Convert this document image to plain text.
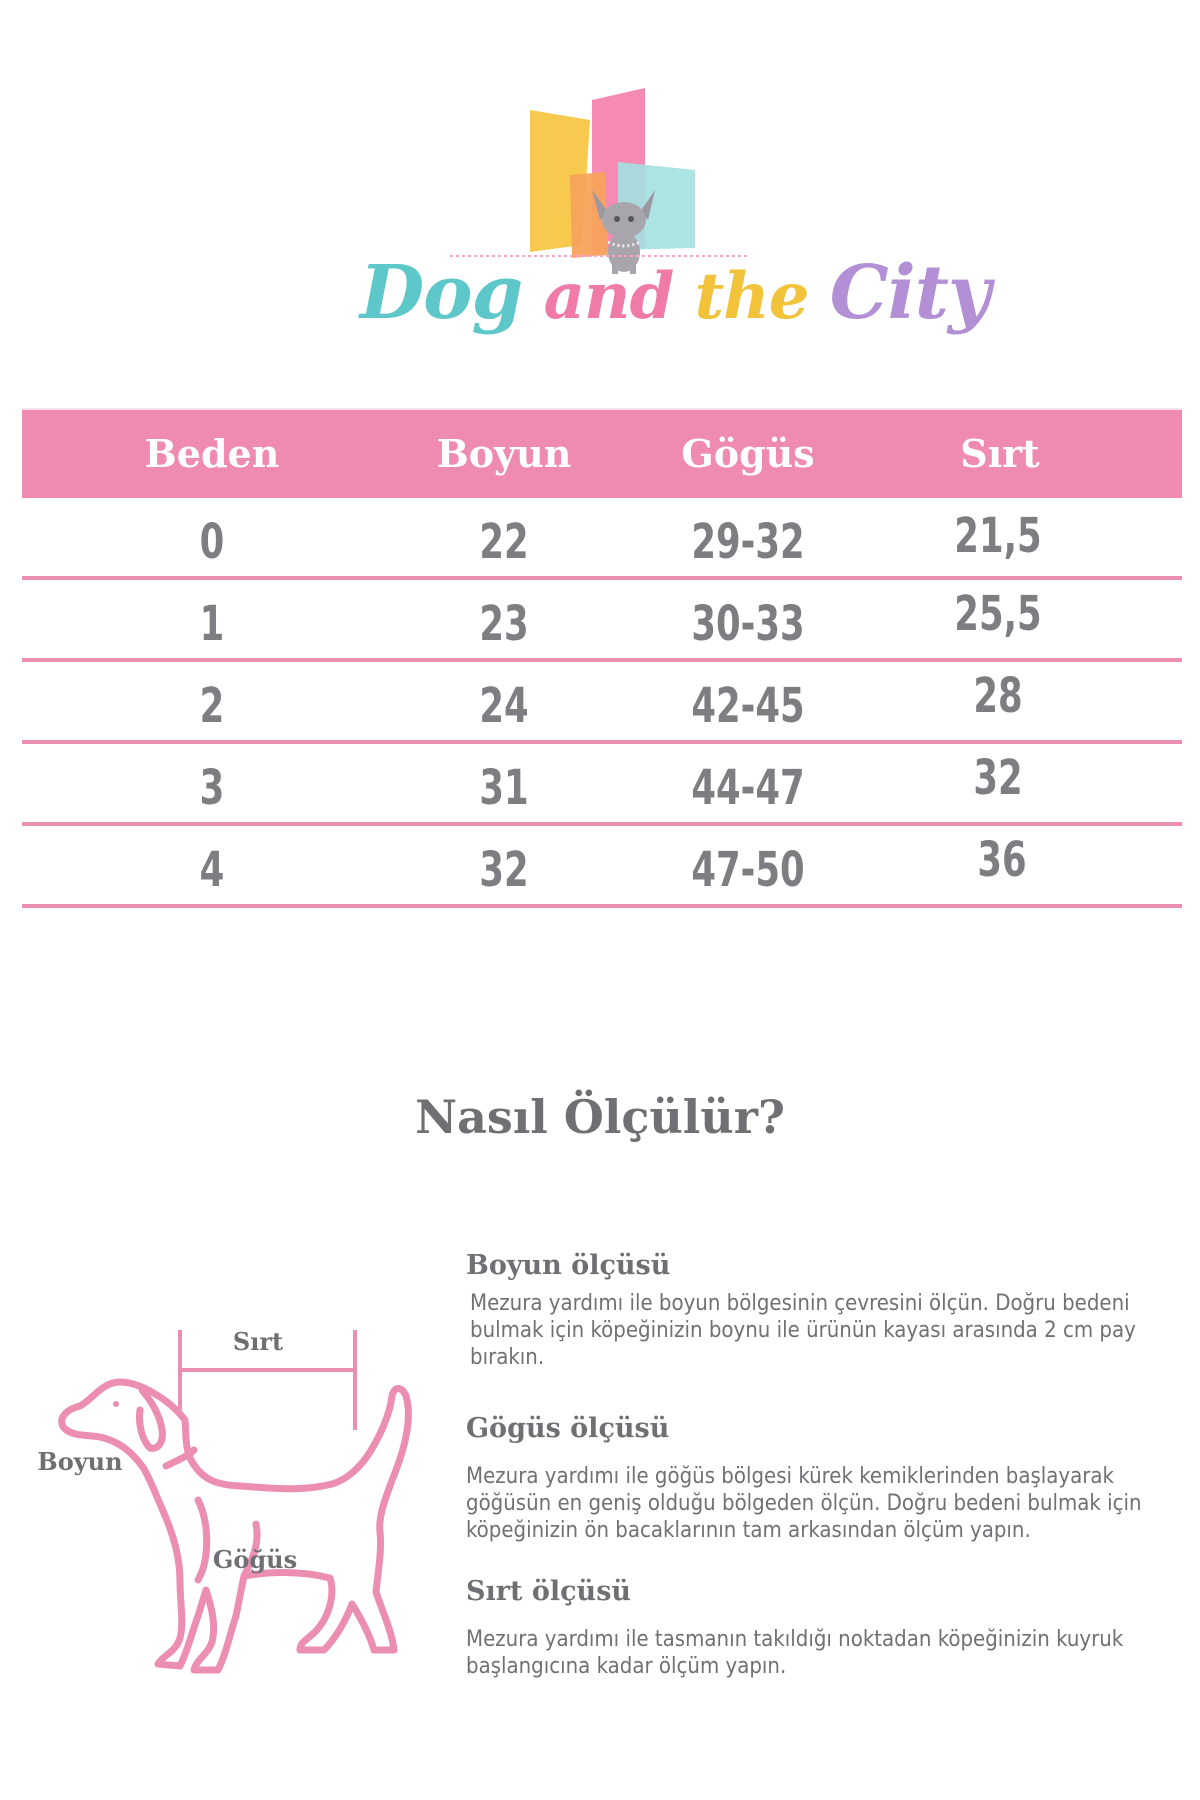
Dog and the City
Beden	Boyun	Gögüs	Sırt
0	22	29-32	21,5
1	23	30-33	25,5
2	24	42-45	28
3	31	44-47	32
4	32	47-50	36
Nasıl Ölçülür?
Sırt
Boyun
Göğüs

Boyun ölçüsü

Mezura yardımı ile boyun bölgesinin çevresini ölçün. Doğru bedeni bulmak için köpeğinizin boynu ile ürünün kayası arasında 2 cm pay bırakın.

Gögüs ölçüsü

Mezura yardımı ile göğüs bölgesi kürek kemiklerinden başlayarak göğüsün en geniş olduğu bölgeden ölçün. Doğru bedeni bulmak için köpeğinizin ön bacaklarının tam arkasından ölçüm yapın.

Sırt ölçüsü

Mezura yardımı ile tasmanın takıldığı noktadan köpeğinizin kuyruk başlangıcına kadar ölçüm yapın.
